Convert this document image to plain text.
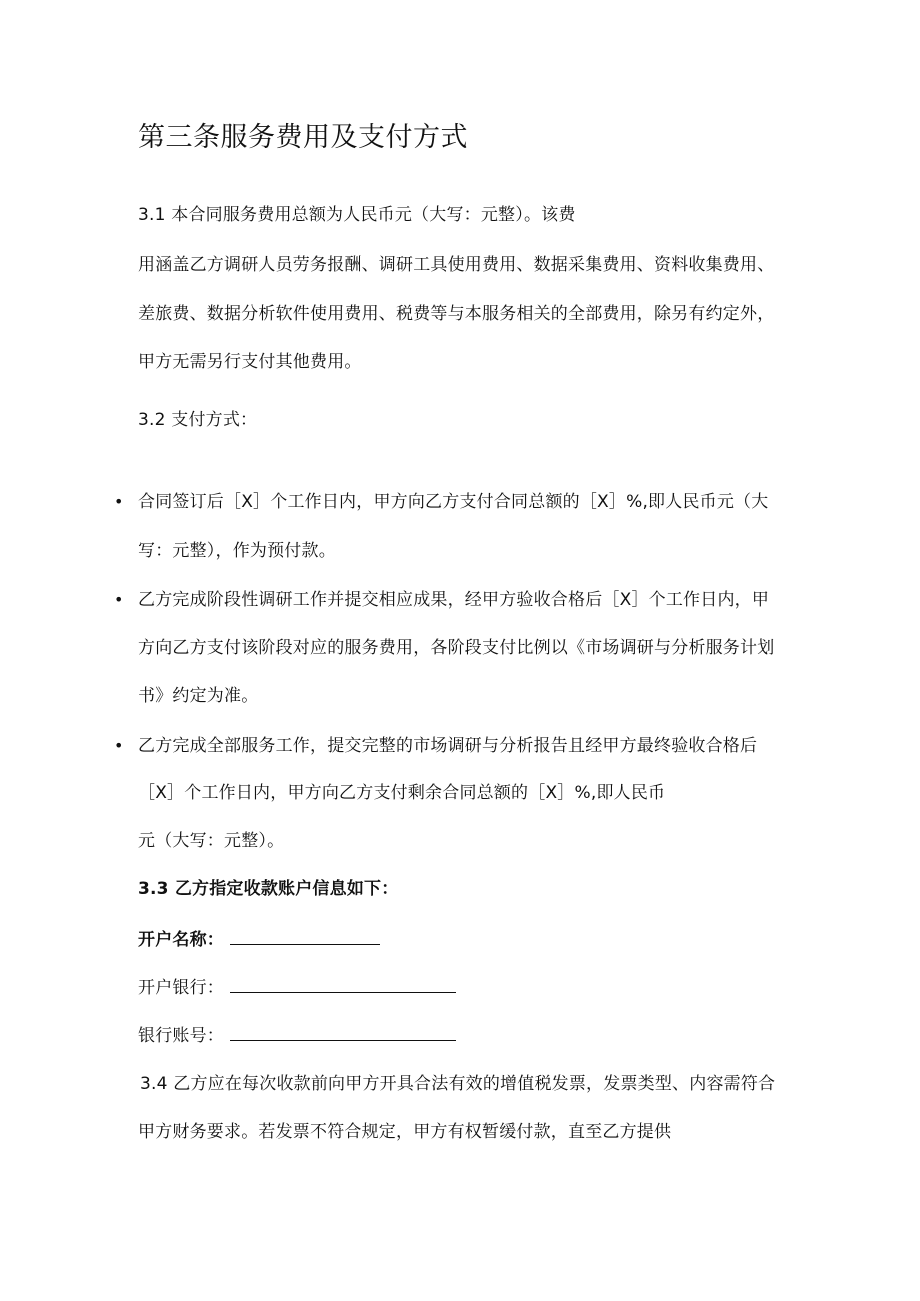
第三条服务费用及支付方式
3.1 本合同服务费用总额为人民币元（大写：元整）。该费
用涵盖乙方调研人员劳务报酬、调研工具使用费用、数据采集费用、资料收集费用、
差旅费、数据分析软件使用费用、税费等与本服务相关的全部费用，除另有约定外，
甲方无需另行支付其他费用。
3.2 支付方式：
• 合同签订后［X］个工作日内，甲方向乙方支付合同总额的［X］%,即人民币元（大
写：元整），作为预付款。
• 乙方完成阶段性调研工作并提交相应成果，经甲方验收合格后［X］个工作日内，甲
方向乙方支付该阶段对应的服务费用，各阶段支付比例以《市场调研与分析服务计划
书》约定为准。
• 乙方完成全部服务工作，提交完整的市场调研与分析报告且经甲方最终验收合格后
［X］个工作日内，甲方向乙方支付剩余合同总额的［X］%,即人民币
元（大写：元整）。
3.3 乙方指定收款账户信息如下：
开户名称：
开户银行：
银行账号：
3.4 乙方应在每次收款前向甲方开具合法有效的增值税发票，发票类型、内容需符合
甲方财务要求。若发票不符合规定，甲方有权暂缓付款，直至乙方提供
